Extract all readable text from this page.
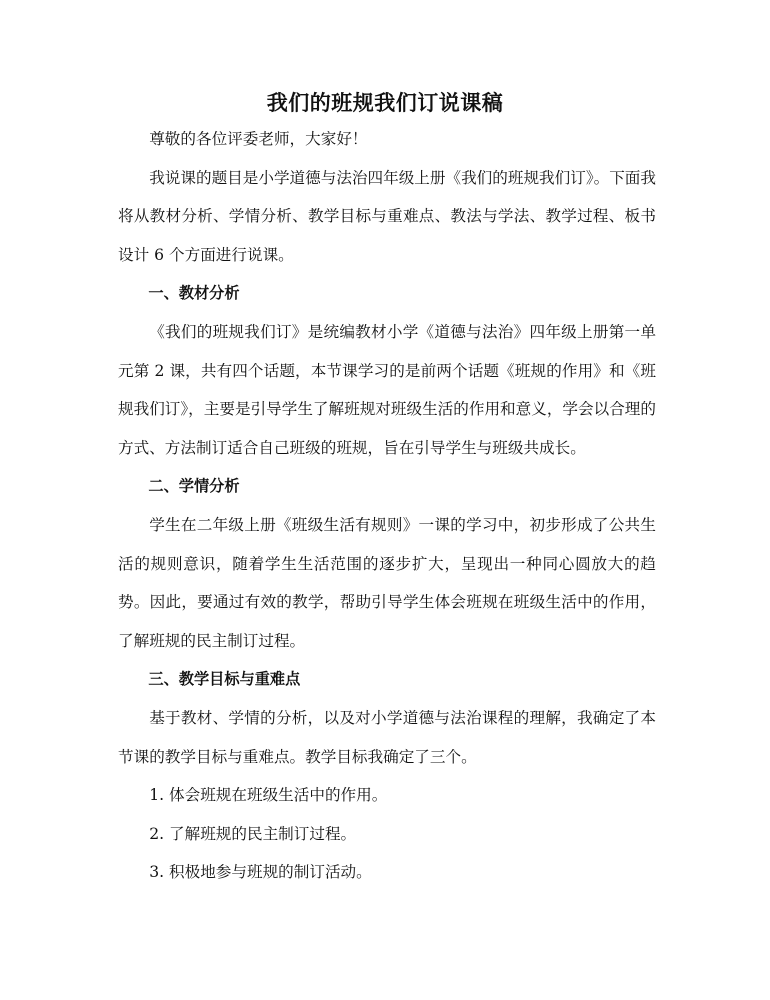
我们的班规我们订说课稿

尊敬的各位评委老师，大家好！

我说课的题目是小学道德与法治四年级上册《我们的班规我们订》。下面我将从教材分析、学情分析、教学目标与重难点、教法与学法、教学过程、板书设计 6 个方面进行说课。

一、教材分析

《我们的班规我们订》是统编教材小学《道德与法治》四年级上册第一单元第 2 课，共有四个话题，本节课学习的是前两个话题《班规的作用》和《班规我们订》，主要是引导学生了解班规对班级生活的作用和意义，学会以合理的方式、方法制订适合自己班级的班规，旨在引导学生与班级共成长。

二、学情分析

学生在二年级上册《班级生活有规则》一课的学习中，初步形成了公共生活的规则意识，随着学生生活范围的逐步扩大，呈现出一种同心圆放大的趋势。因此，要通过有效的教学，帮助引导学生体会班规在班级生活中的作用，了解班规的民主制订过程。

三、教学目标与重难点

基于教材、学情的分析，以及对小学道德与法治课程的理解，我确定了本节课的教学目标与重难点。教学目标我确定了三个。

1. 体会班规在班级生活中的作用。

2. 了解班规的民主制订过程。

3. 积极地参与班规的制订活动。
